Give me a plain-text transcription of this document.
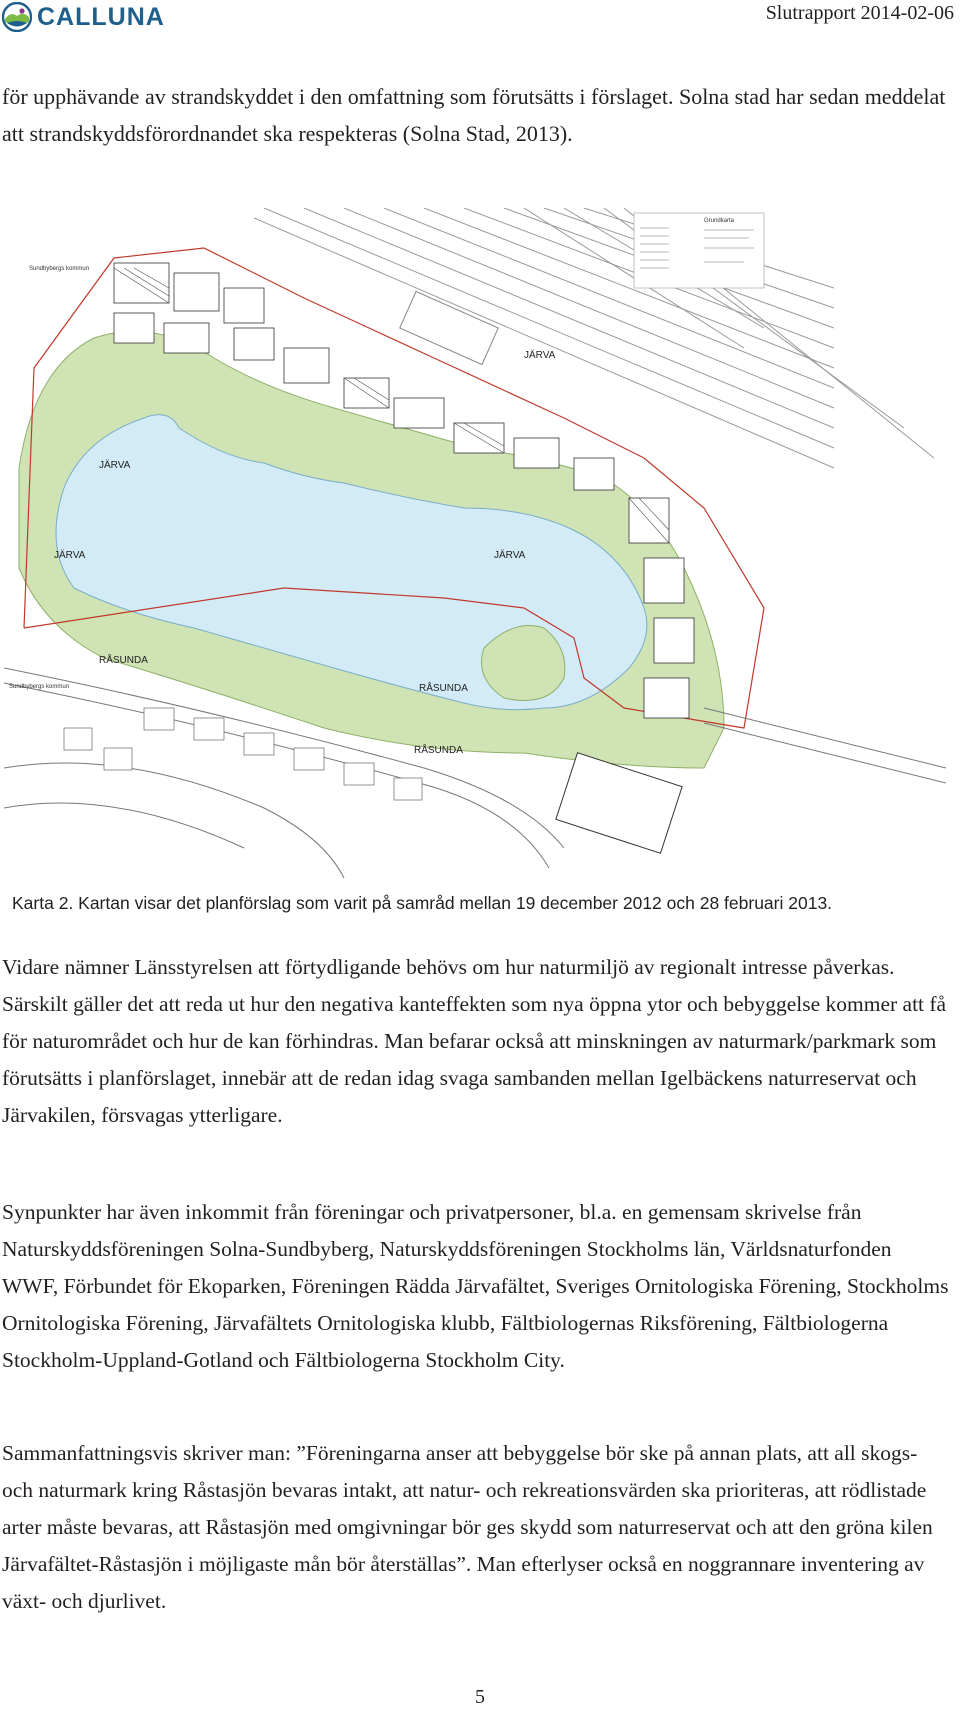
CALLUNA	Slutrapport 2014-02-06

för upphävande av strandskyddet i den omfattning som förutsätts i förslaget. Solna stad har sedan meddelat att strandskyddsförordnandet ska respekteras (Solna Stad, 2013).

Grundkarta
JÄRVA
JÄRVA
JÄRVA	JÄRVA
RÅSUNDA
RÅSUNDA
RÅSUNDA
Sundbybergs kommun
Sundbybergs kommun
Karta 2. Kartan visar det planförslag som varit på samråd mellan 19 december 2012 och 28 februari 2013.

Vidare nämner Länsstyrelsen att förtydligande behövs om hur naturmiljö av regionalt intresse påverkas. Särskilt gäller det att reda ut hur den negativa kanteffekten som nya öppna ytor och bebyggelse kommer att få för naturområdet och hur de kan förhindras. Man befarar också att minskningen av naturmark/parkmark som förutsätts i planförslaget, innebär att de redan idag svaga sambanden mellan Igelbäckens naturreservat och Järvakilen, försvagas ytterligare.

Synpunkter har även inkommit från föreningar och privatpersoner, bl.a. en gemensam skrivelse från Naturskyddsföreningen Solna-Sundbyberg, Naturskyddsföreningen Stockholms län, Världsnaturfonden WWF, Förbundet för Ekoparken, Föreningen Rädda Järvafältet, Sveriges Ornitologiska Förening, Stockholms Ornitologiska Förening, Järvafältets Ornitologiska klubb, Fältbiologernas Riksförening, Fältbiologerna Stockholm-Uppland-Gotland och Fältbiologerna Stockholm City.

Sammanfattningsvis skriver man: ”Föreningarna anser att bebyggelse bör ske på annan plats, att all skogs- och naturmark kring Råstasjön bevaras intakt, att natur- och rekreationsvärden ska prioriteras, att rödlistade arter måste bevaras, att Råstasjön med omgivningar bör ges skydd som naturreservat och att den gröna kilen Järvafältet-Råstasjön i möjligaste mån bör återställas”. Man efterlyser också en noggrannare inventering av växt- och djurlivet.

5
